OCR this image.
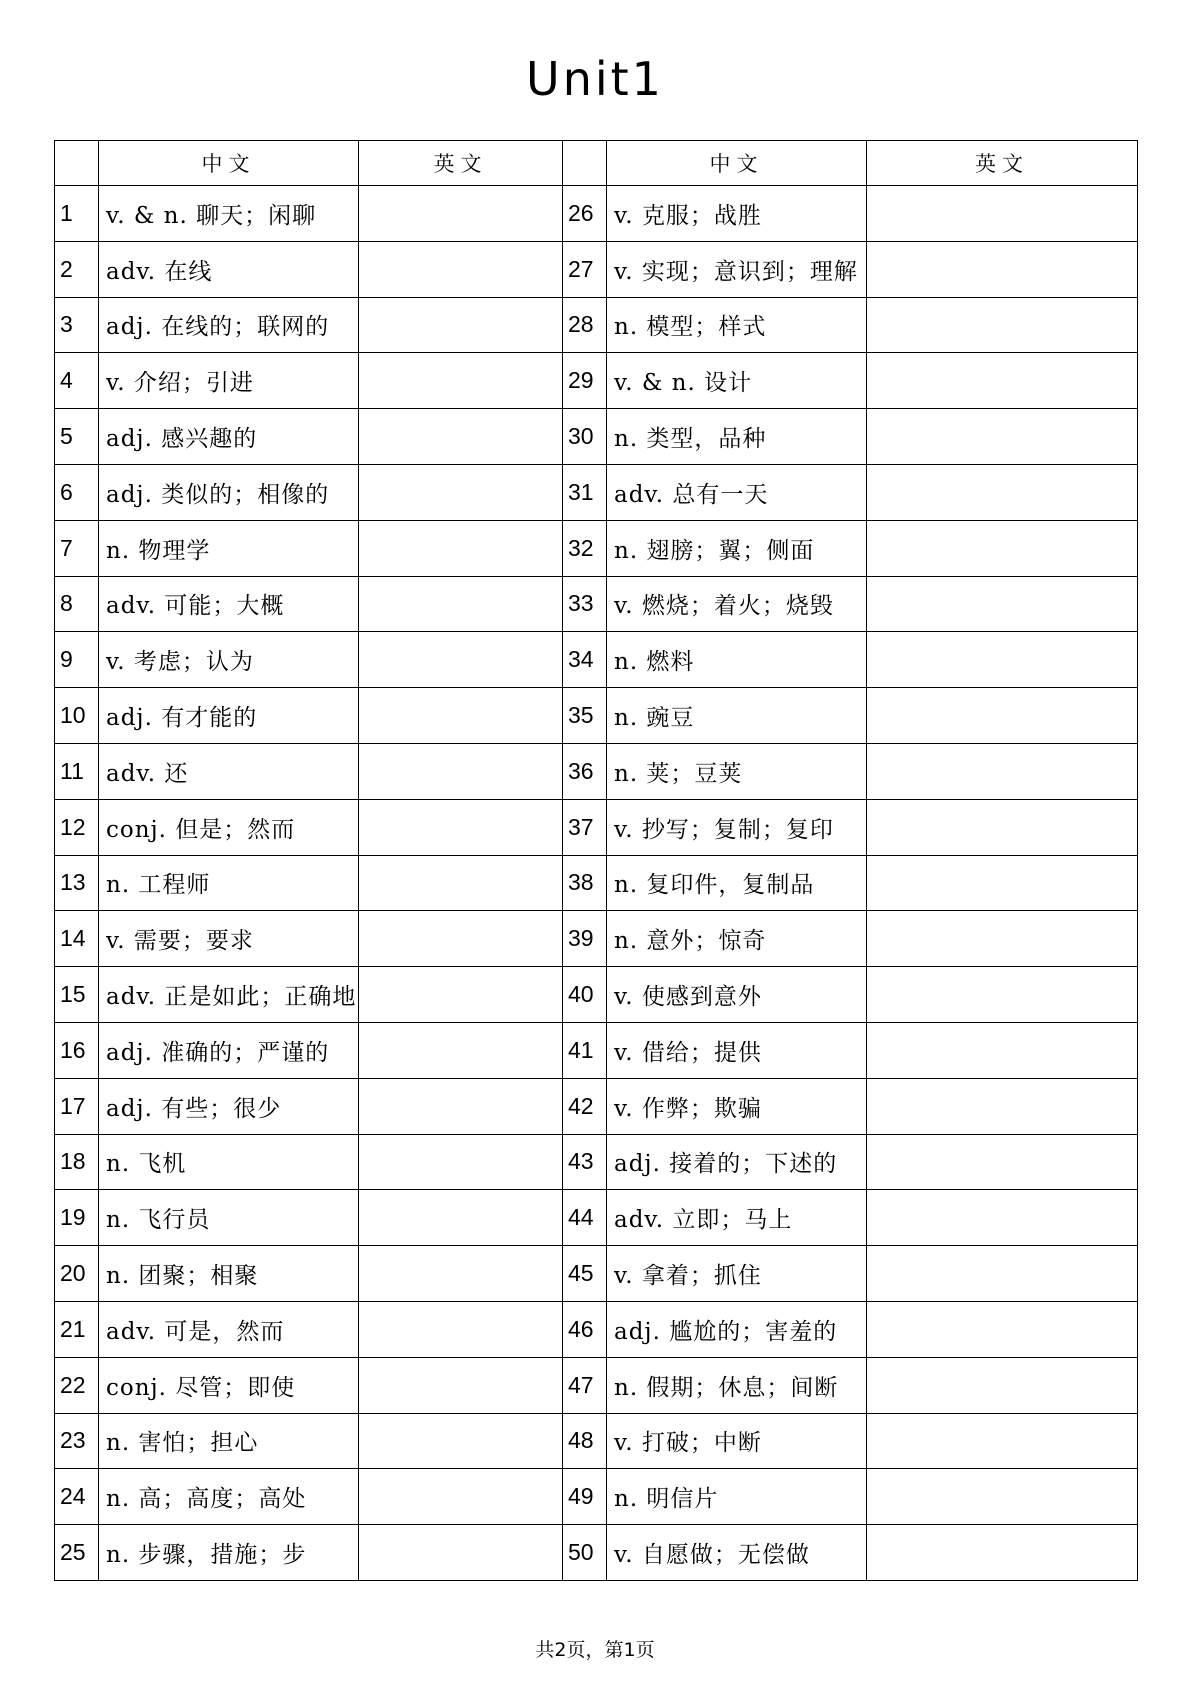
Unit1
	中文	英文		中文	英文
1	v. & n. 聊天；闲聊		26	v. 克服；战胜	
2	adv. 在线		27	v. 实现；意识到；理解	
3	adj. 在线的；联网的		28	n. 模型；样式	
4	v. 介绍；引进		29	v. & n. 设计	
5	adj. 感兴趣的		30	n. 类型，品种	
6	adj. 类似的；相像的		31	adv. 总有一天	
7	n. 物理学		32	n. 翅膀；翼；侧面	
8	adv. 可能；大概		33	v. 燃烧；着火；烧毁	
9	v. 考虑；认为		34	n. 燃料	
10	adj. 有才能的		35	n. 豌豆	
11	adv. 还		36	n. 荚；豆荚	
12	conj. 但是；然而		37	v. 抄写；复制；复印	
13	n. 工程师		38	n. 复印件，复制品	
14	v. 需要；要求		39	n. 意外；惊奇	
15	adv. 正是如此；正确地		40	v. 使感到意外	
16	adj. 准确的；严谨的		41	v. 借给；提供	
17	adj. 有些；很少		42	v. 作弊；欺骗	
18	n. 飞机		43	adj. 接着的；下述的	
19	n. 飞行员		44	adv. 立即；马上	
20	n. 团聚；相聚		45	v. 拿着；抓住	
21	adv. 可是，然而		46	adj. 尴尬的；害羞的	
22	conj. 尽管；即使		47	n. 假期；休息；间断	
23	n. 害怕；担心		48	v. 打破；中断	
24	n. 高；高度；高处		49	n. 明信片	
25	n. 步骤，措施；步		50	v. 自愿做；无偿做	
共2页，第1页
